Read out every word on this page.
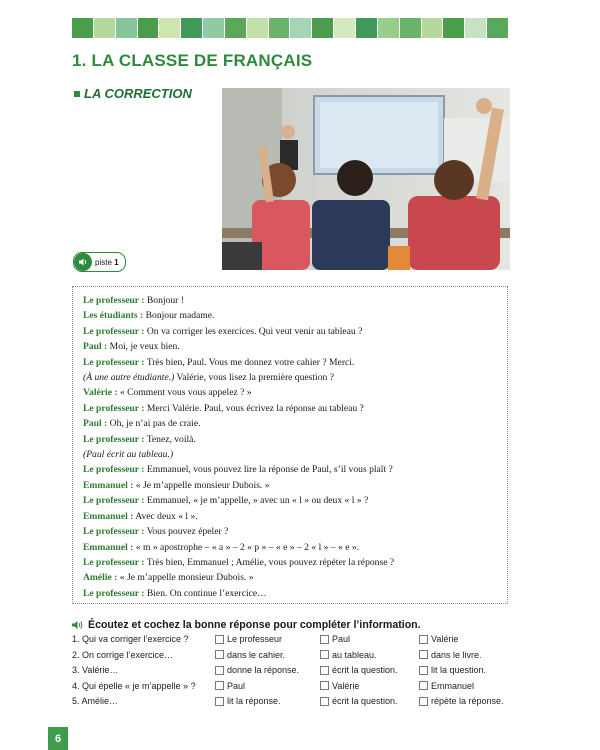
1. LA CLASSE DE FRANÇAIS
LA CORRECTION
piste
1
Le professeur : Bonjour !
Les étudiants : Bonjour madame.
Le professeur : On va corriger les exercices. Qui veut venir au tableau ?
Paul : Moi, je veux bien.
Le professeur : Très bien, Paul. Vous me donnez votre cahier ? Merci.
(À une autre étudiante.) Valérie, vous lisez la première question ?
Valérie : « Comment vous vous appelez ? »
Le professeur : Merci Valérie. Paul, vous écrivez la réponse au tableau ?
Paul : Oh, je n’ai pas de craie.
Le professeur : Tenez, voilà.
(Paul écrit au tableau.)
Le professeur : Emmanuel, vous pouvez lire la réponse de Paul, s’il vous plaît ?
Emmanuel : « Je m’appelle monsieur Dubois. »
Le professeur : Emmanuel, « je m’appelle, » avec un « l » ou deux « l » ?
Emmanuel : Avec deux « l ».
Le professeur : Vous pouvez épeler ?
Emmanuel : « m » apostrophe – « a » – 2 « p » – « e » – 2 « l » – « e ».
Le professeur : Très bien, Emmanuel ; Amélie, vous pouvez répéter la réponse ?
Amélie : « Je m’appelle monsieur Dubois. »
Le professeur : Bien. On continue l’exercice…
Écoutez et cochez la bonne réponse pour compléter l’information.
1. Qui va corriger l’exercice ?	Le professeur	Paul	Valérie
2. On corrige l’exercice…	dans le cahier.	au tableau.	dans le livre.
3. Valérie…	donne la réponse.	écrit la question.	lit la question.
4. Qui épelle « je m’appelle » ?	Paul	Valérie	Emmanuel
5. Amélie…	lit la réponse.	écrit la question.	répète la réponse.
6
